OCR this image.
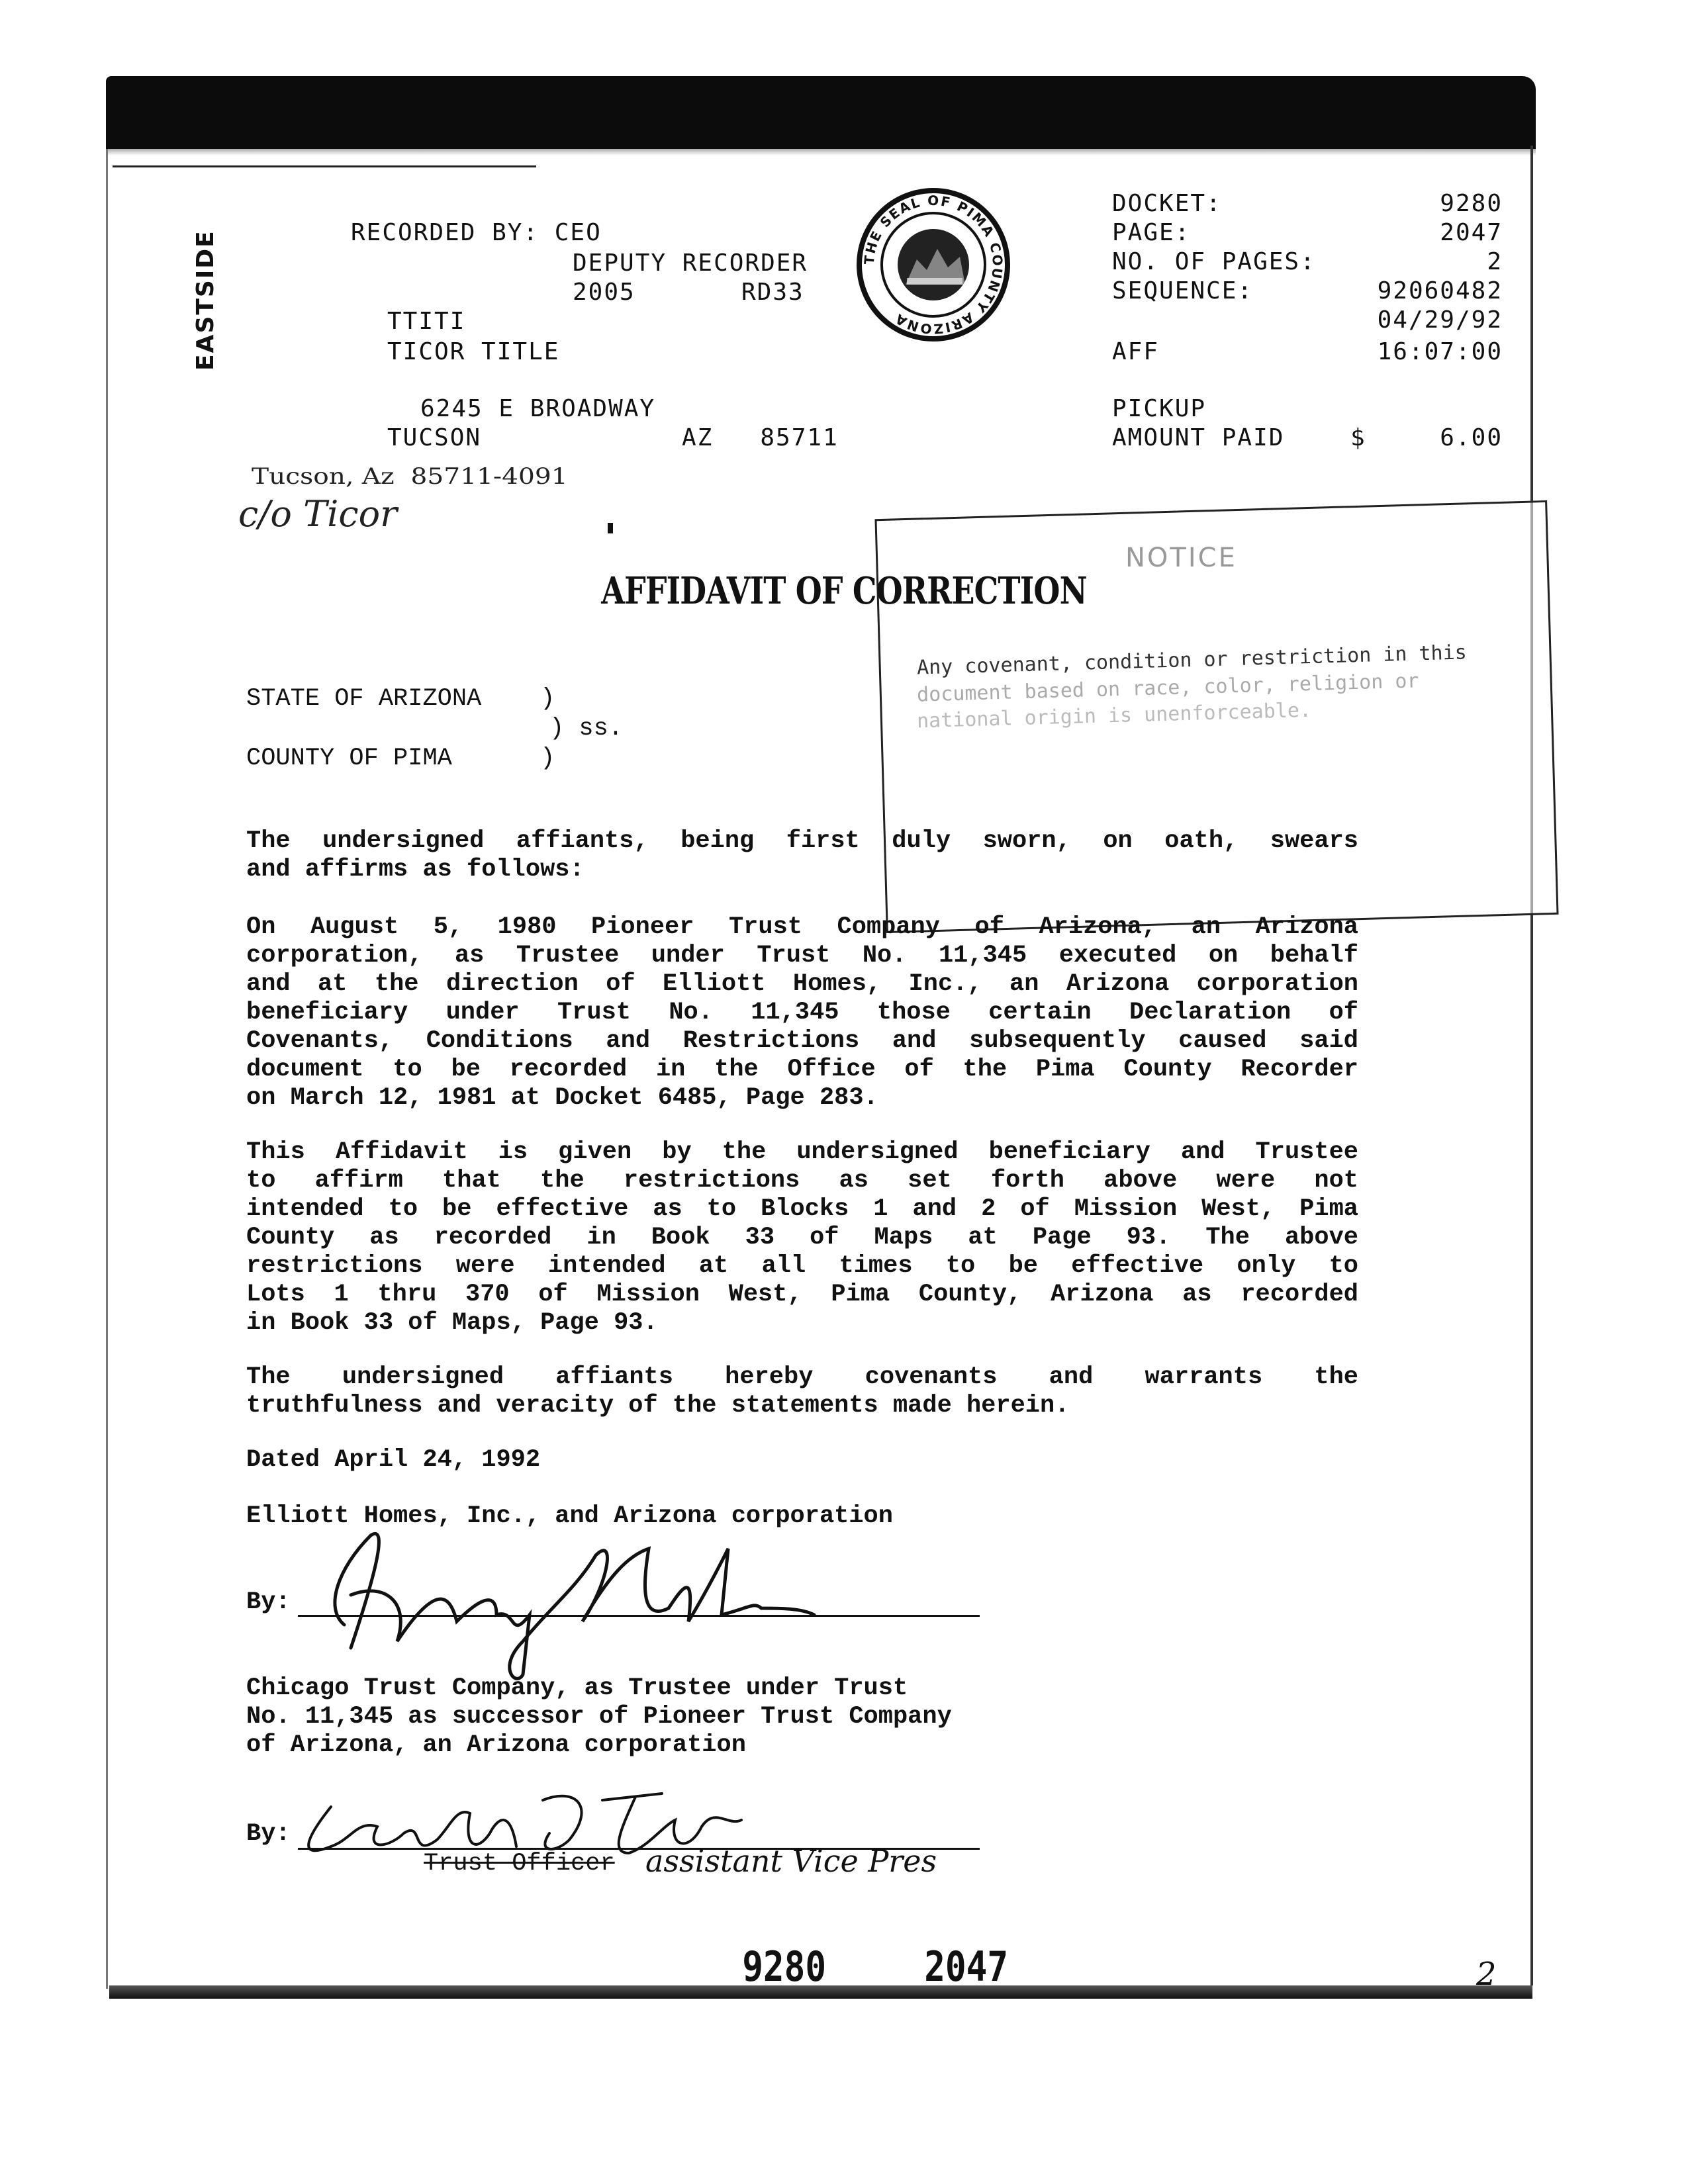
EASTSIDE	RECORDED BY: CEO
DEPUTY RECORDER
2005	RD33
TTITI
TICOR TITLE
6245 E BROADWAY
TUCSON	AZ   85711
Tucson, Az  85711-4091
c/o Ticor
THE SEAL OF PIMA COUNTY ARIZONA
DOCKET:	9280
PAGE:	2047
NO. OF PAGES:	2
SEQUENCE:	92060482
04/29/92
AFF	16:07:00
PICKUP
AMOUNT PAID	$	6.00
NOTICE
Any covenant, condition or restriction in this
document based on race, color, religion or
national origin is unenforceable.
AFFIDAVIT OF CORRECTION
STATE OF ARIZONA    )
) ss.
COUNTY OF PIMA      )
The undersigned affiants, being first duly sworn, on oath, swears
and affirms as follows:
On August 5, 1980 Pioneer Trust Company of Arizona, an Arizona
corporation, as Trustee under Trust No. 11,345 executed on behalf
and at the direction of Elliott Homes, Inc., an Arizona corporation
beneficiary under Trust No. 11,345 those certain Declaration of
Covenants, Conditions and Restrictions and subsequently caused said
document to be recorded in the Office of the Pima County Recorder
on March 12, 1981 at Docket 6485, Page 283.
This Affidavit is given by the undersigned beneficiary and Trustee
to affirm that the restrictions as set forth above were not
intended to be effective as to Blocks 1 and 2 of Mission West, Pima
County as recorded in Book 33 of Maps at Page 93. The above
restrictions were intended at all times to be effective only to
Lots 1 thru 370 of Mission West, Pima County, Arizona as recorded
in Book 33 of Maps, Page 93.
The undersigned affiants hereby covenants and warrants the
truthfulness and veracity of the statements made herein.
Dated April 24, 1992
Elliott Homes, Inc., and Arizona corporation
By:
Chicago Trust Company, as Trustee under Trust
No. 11,345 as successor of Pioneer Trust Company
of Arizona, an Arizona corporation
By:
Trust Officer assistant Vice Pres
9280 2047	2
